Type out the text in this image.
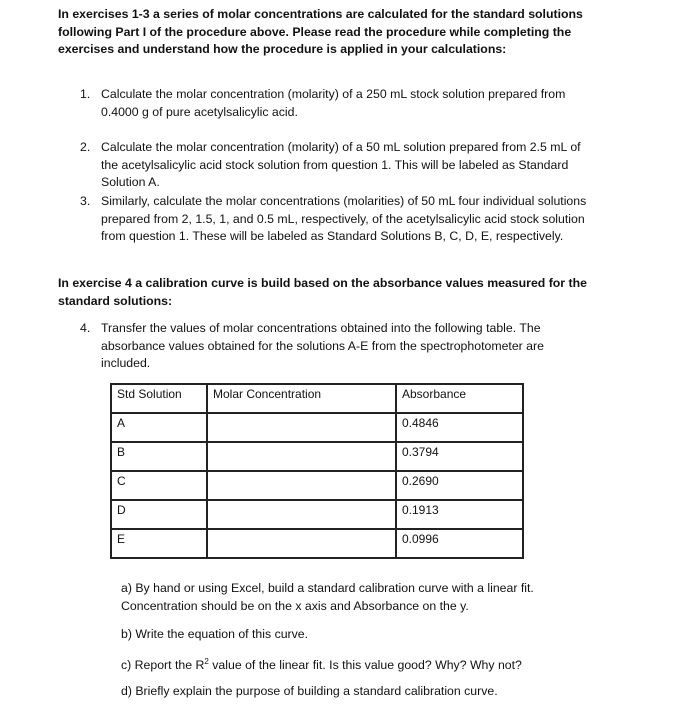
In exercises 1-3 a series of molar concentrations are calculated for the standard solutions following Part I of the procedure above. Please read the procedure while completing the exercises and understand how the procedure is applied in your calculations:
1. Calculate the molar concentration (molarity) of a 250 mL stock solution prepared from 0.4000 g of pure acetylsalicylic acid.
2. Calculate the molar concentration (molarity) of a 50 mL solution prepared from 2.5 mL of the acetylsalicylic acid stock solution from question 1. This will be labeled as Standard Solution A.
3. Similarly, calculate the molar concentrations (molarities) of 50 mL four individual solutions prepared from 2, 1.5, 1, and 0.5 mL, respectively, of the acetylsalicylic acid stock solution from question 1. These will be labeled as Standard Solutions B, C, D, E, respectively.
In exercise 4 a calibration curve is build based on the absorbance values measured for the standard solutions:
4. Transfer the values of molar concentrations obtained into the following table. The absorbance values obtained for the solutions A-E from the spectrophotometer are included.
Std Solution	Molar Concentration	Absorbance
A		0.4846
B		0.3794
C		0.2690
D		0.1913
E		0.0996
a) By hand or using Excel, build a standard calibration curve with a linear fit. Concentration should be on the x axis and Absorbance on the y.
b) Write the equation of this curve.
c) Report the $R^2$ value of the linear fit. Is this value good? Why? Why not?
d) Briefly explain the purpose of building a standard calibration curve.
